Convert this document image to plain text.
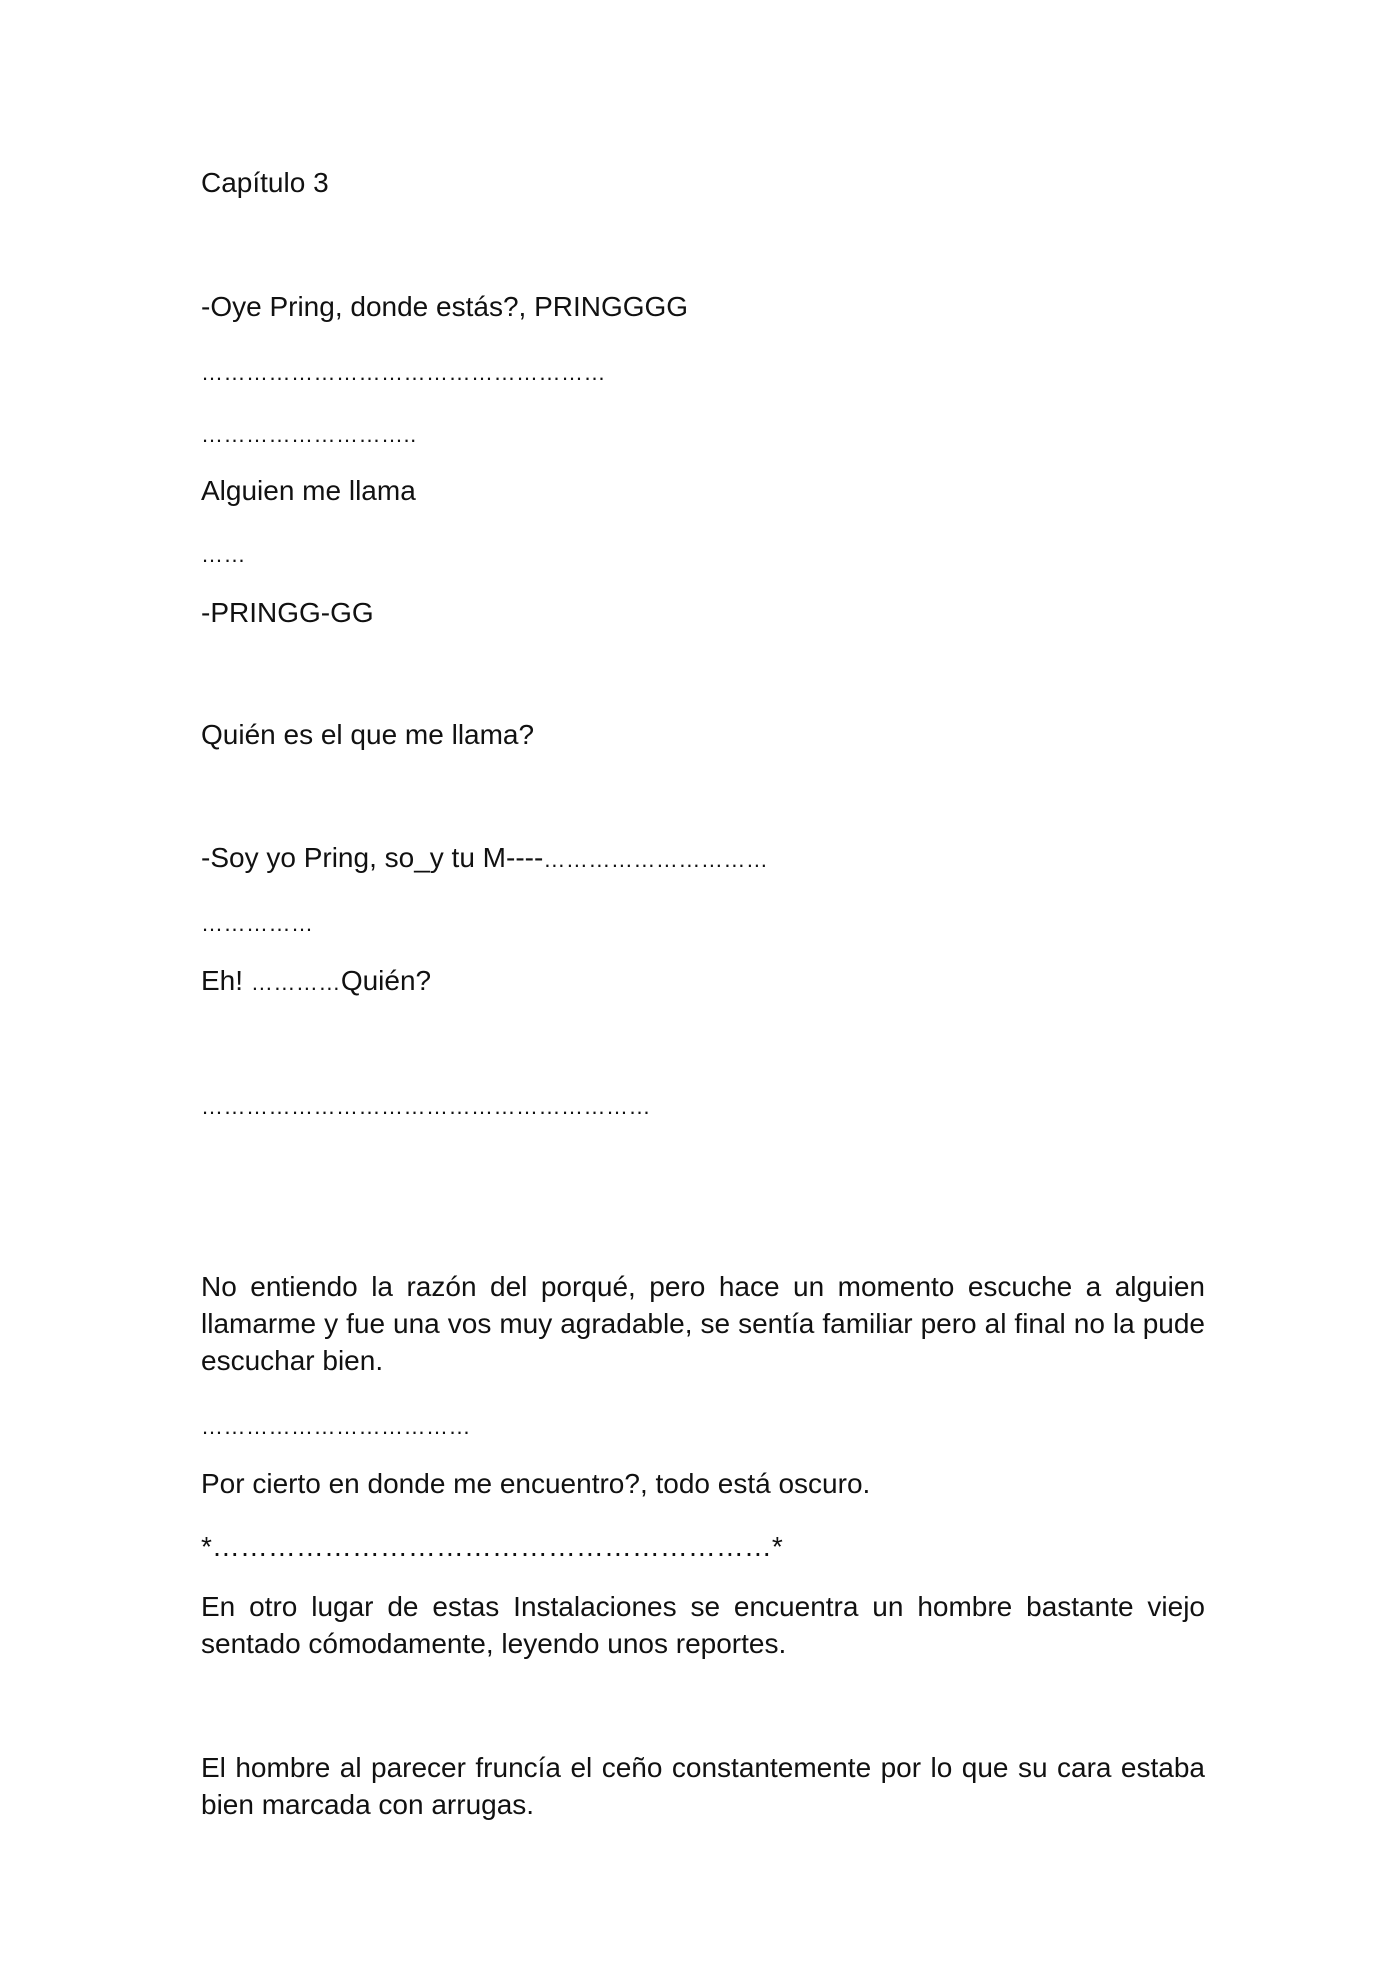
Capítulo 3
-Oye Pring, donde estás?, PRINGGGG
………………………………………………
………………………..
Alguien me llama
……
-PRINGG-GG
Quién es el que me llama?
-Soy yo Pring, so_y tu M----…………………………
……………
Eh! …………Quién?
……………………………………………………
No entiendo la razón del porqué, pero hace un momento escuche a alguien llamarme y fue una vos muy agradable, se sentía familiar pero al final no la pude escuchar bien.
………………………………
Por cierto en donde me encuentro?, todo está oscuro.
*……………………………………………………*
En otro lugar de estas Instalaciones se encuentra un hombre bastante viejo sentado cómodamente, leyendo unos reportes.
El hombre al parecer fruncía el ceño constantemente por lo que su cara estaba bien marcada con arrugas.
